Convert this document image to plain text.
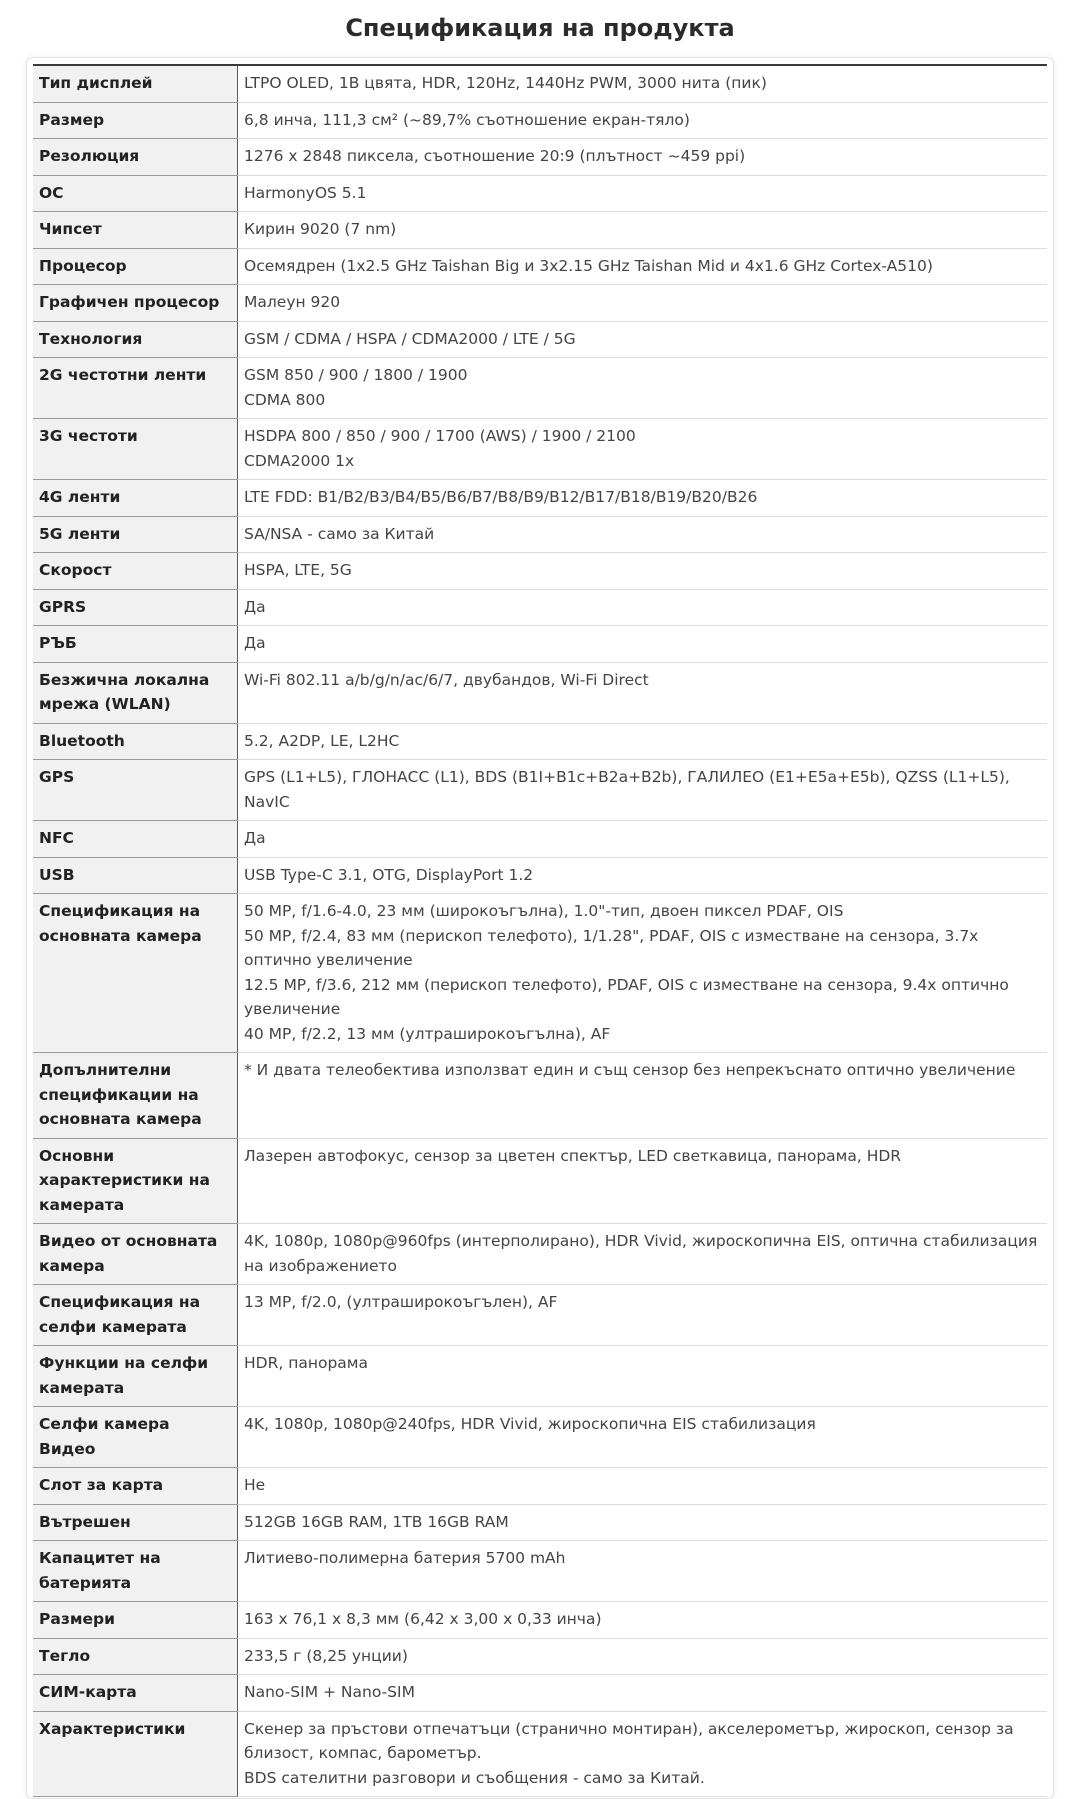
Спецификация на продукта
Тип дисплей	LTPO OLED, 1B цвята, HDR, 120Hz, 1440Hz PWM, 3000 нита (пик)
Размер	6,8 инча, 111,3 см² (~89,7% съотношение екран-тяло)
Резолюция	1276 x 2848 пиксела, съотношение 20:9 (плътност ~459 ppi)
ОС	HarmonyOS 5.1
Чипсет	Кирин 9020 (7 nm)
Процесор	Осемядрен (1x2.5 GHz Taishan Big и 3x2.15 GHz Taishan Mid и 4x1.6 GHz Cortex-A510)
Графичен процесор	Малеун 920
Технология	GSM / CDMA / HSPA / CDMA2000 / LTE / 5G
2G честотни ленти	GSM 850 / 900 / 1800 / 1900
CDMA 800
3G честоти	HSDPA 800 / 850 / 900 / 1700 (AWS) / 1900 / 2100
CDMA2000 1x
4G ленти	LTE FDD: B1/B2/B3/B4/B5/B6/B7/B8/B9/B12/B17/B18/B19/B20/B26
5G ленти	SA/NSA - само за Китай
Скорост	HSPA, LTE, 5G
GPRS	Да
РЪБ	Да
Безжична локална мрежа (WLAN)	Wi-Fi 802.11 a/b/g/n/ac/6/7, двубандов, Wi-Fi Direct
Bluetooth	5.2, A2DP, LE, L2HC
GPS	GPS (L1+L5), ГЛОНАСС (L1), BDS (B1I+B1c+B2a+B2b), ГАЛИЛЕО (E1+E5a+E5b), QZSS (L1+L5), NavIC
NFC	Да
USB	USB Type-C 3.1, OTG, DisplayPort 1.2
Спецификация на основната камера	50 MP, f/1.6-4.0, 23 мм (широкоъгълна), 1.0"-тип, двоен пиксел PDAF, OIS
50 MP, f/2.4, 83 мм (перископ телефото), 1/1.28", PDAF, OIS с изместване на сензора, 3.7x оптично увеличение
12.5 MP, f/3.6, 212 мм (перископ телефото), PDAF, OIS с изместване на сензора, 9.4x оптично увеличение
40 MP, f/2.2, 13 мм (ултраширокоъгълна), AF
Допълнителни спецификации на основната камера	* И двата телеобектива използват един и същ сензор без непрекъснато оптично увеличение
Основни характеристики на камерата	Лазерен автофокус, сензор за цветен спектър, LED светкавица, панорама, HDR
Видео от основната камера	4K, 1080p, 1080p@960fps (интерполирано), HDR Vivid, жироскопична EIS, оптична стабилизация на изображението
Спецификация на селфи камерата	13 MP, f/2.0, (ултраширокоъгълен), AF
Функции на селфи камерата	HDR, панорама
Селфи камера Видео	4K, 1080p, 1080p@240fps, HDR Vivid, жироскопична EIS стабилизация
Слот за карта	Не
Вътрешен	512GB 16GB RAM, 1TB 16GB RAM
Капацитет на батерията	Литиево-полимерна батерия 5700 mAh
Размери	163 x 76,1 x 8,3 мм (6,42 x 3,00 x 0,33 инча)
Тегло	233,5 г (8,25 унции)
СИМ-карта	Nano-SIM + Nano-SIM
Характеристики	Скенер за пръстови отпечатъци (странично монтиран), акселерометър, жироскоп, сензор за близост, компас, барометър.
BDS сателитни разговори и съобщения - само за Китай.
